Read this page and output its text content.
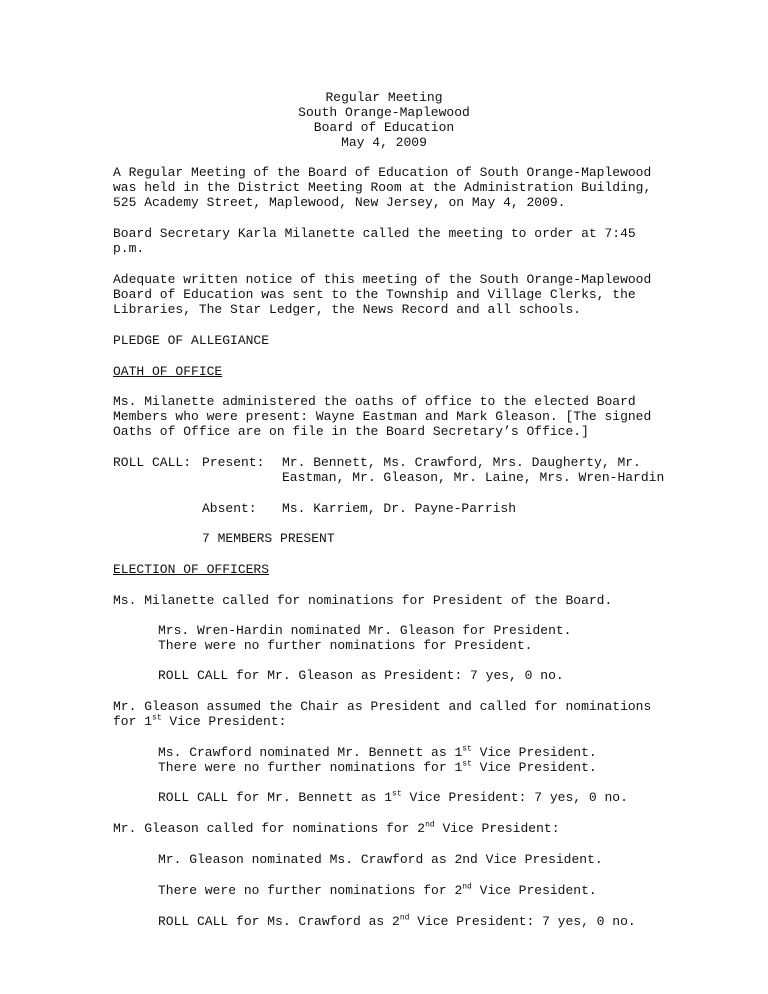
Regular Meeting

South Orange-Maplewood

Board of Education

May 4, 2009

A Regular Meeting of the Board of Education of South Orange-Maplewood

was held in the District Meeting Room at the Administration Building,

525 Academy Street, Maplewood, New Jersey, on May 4, 2009.

Board Secretary Karla Milanette called the meeting to order at 7:45

p.m.

Adequate written notice of this meeting of the South Orange-Maplewood

Board of Education was sent to the Township and Village Clerks, the

Libraries, The Star Ledger, the News Record and all schools.

PLEDGE OF ALLEGIANCE

OATH OF OFFICE

Ms. Milanette administered the oaths of office to the elected Board

Members who were present: Wayne Eastman and Mark Gleason. [The signed

Oaths of Office are on file in the Board Secretary’s Office.]

ROLL CALL: Present: Mr. Bennett, Ms. Crawford, Mrs. Daugherty, Mr.

Eastman, Mr. Gleason, Mr. Laine, Mrs. Wren-Hardin

Absent: Ms. Karriem, Dr. Payne-Parrish

7 MEMBERS PRESENT

ELECTION OF OFFICERS

Ms. Milanette called for nominations for President of the Board.

Mrs. Wren-Hardin nominated Mr. Gleason for President.

There were no further nominations for President.

ROLL CALL for Mr. Gleason as President: 7 yes, 0 no.

Mr. Gleason assumed the Chair as President and called for nominations

for 1st Vice President:

Ms. Crawford nominated Mr. Bennett as 1st Vice President.

There were no further nominations for 1st Vice President.

ROLL CALL for Mr. Bennett as 1st Vice President: 7 yes, 0 no.

Mr. Gleason called for nominations for 2nd Vice President:

Mr. Gleason nominated Ms. Crawford as 2nd Vice President.

There were no further nominations for 2nd Vice President.

ROLL CALL for Ms. Crawford as 2nd Vice President: 7 yes, 0 no.
